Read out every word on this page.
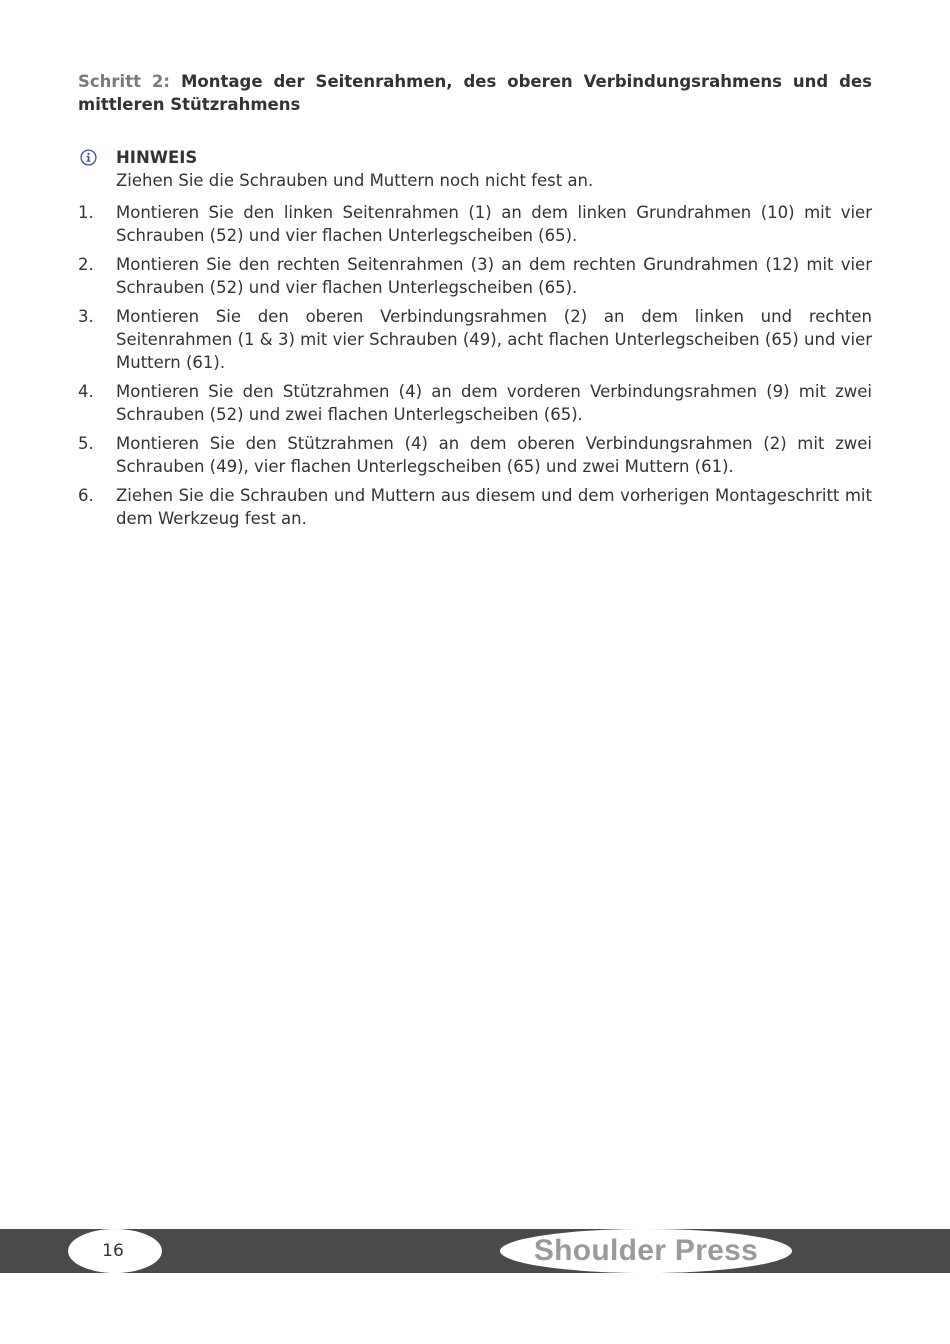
Schritt 2: Montage der Seitenrahmen, des oberen Verbindungsrahmens und des mittleren Stützrahmens
HINWEIS
Ziehen Sie die Schrauben und Muttern noch nicht fest an.
1. Montieren Sie den linken Seitenrahmen (1) an dem linken Grundrahmen (10) mit vier Schrauben (52) und vier flachen Unterlegscheiben (65).
2. Montieren Sie den rechten Seitenrahmen (3) an dem rechten Grundrahmen (12) mit vier Schrauben (52) und vier flachen Unterlegscheiben (65).
3. Montieren Sie den oberen Verbindungsrahmen (2) an dem linken und rechten Seitenrahmen (1 & 3) mit vier Schrauben (49), acht flachen Unterlegscheiben (65) und vier Muttern (61).
4. Montieren Sie den Stützrahmen (4) an dem vorderen Verbindungsrahmen (9) mit zwei Schrauben (52) und zwei flachen Unterlegscheiben (65).
5. Montieren Sie den Stützrahmen (4) an dem oberen Verbindungsrahmen (2) mit zwei Schrauben (49), vier flachen Unterlegscheiben (65) und zwei Muttern (61).
6. Ziehen Sie die Schrauben und Muttern aus diesem und dem vorherigen Montageschritt mit dem Werkzeug fest an.
16	Shoulder Press
